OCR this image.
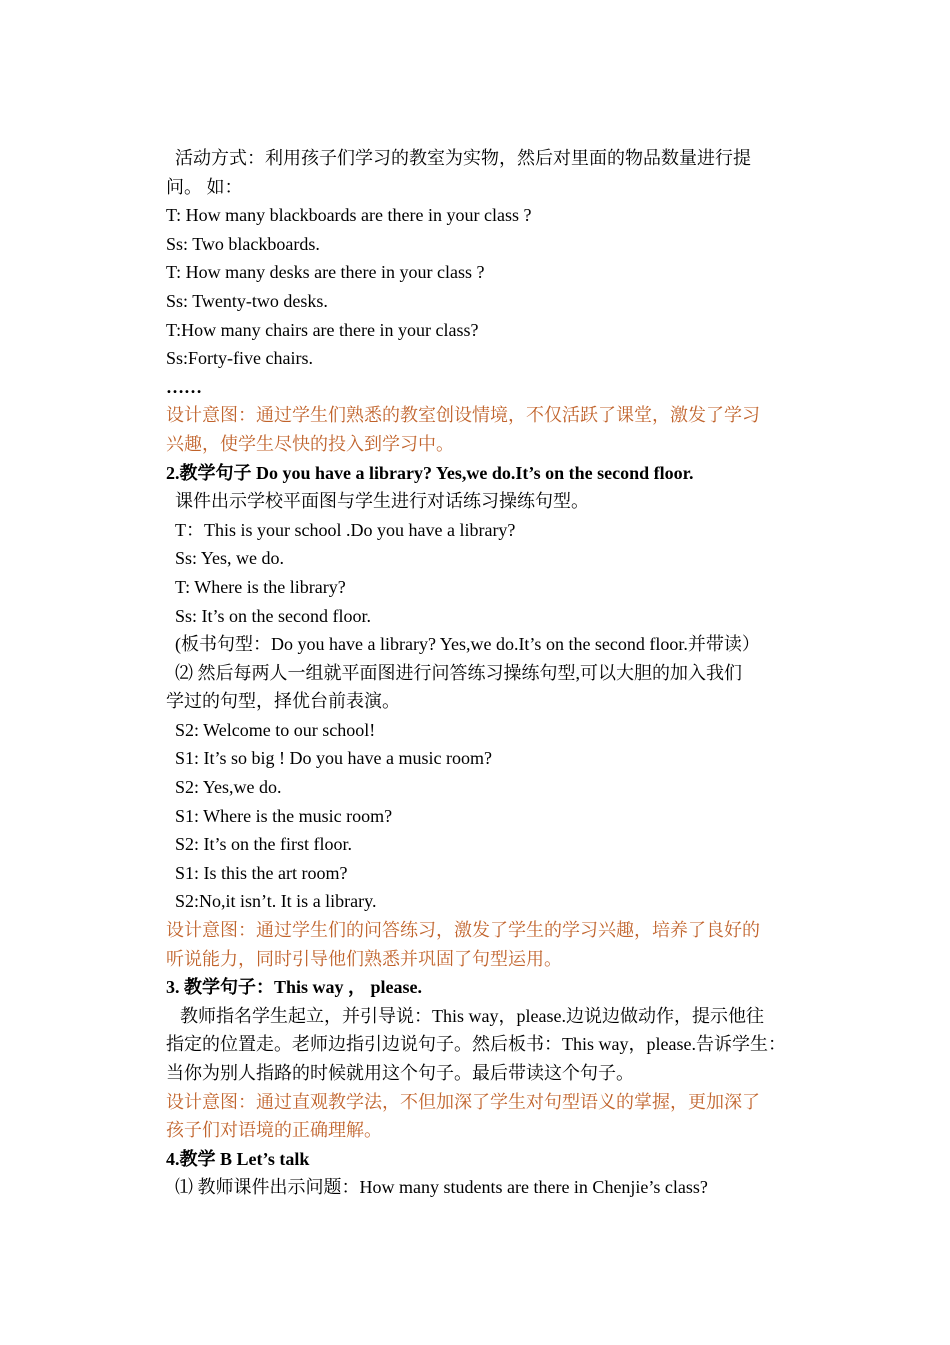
活动方式：利用孩子们学习的教室为实物，然后对里面的物品数量进行提
问。 如：
T: How many blackboards are there in your class ?
Ss: Two blackboards.
T: How many desks are there in your class ?
Ss: Twenty-two desks.
T:How many chairs are there in your class?
Ss:Forty-five chairs.
……
设计意图：通过学生们熟悉的教室创设情境，不仅活跃了课堂，激发了学习
兴趣，使学生尽快的投入到学习中。
2.教学句子 Do you have a library? Yes,we do.It’s on the second floor.
课件出示学校平面图与学生进行对话练习操练句型。
T：This is your school .Do you have a library?
Ss: Yes, we do.
T: Where is the library?
Ss: It’s on the second floor.
(板书句型：Do you have a library? Yes,we do.It’s on the second floor.并带读）
⑵ 然后每两人一组就平面图进行问答练习操练句型,可以大胆的加入我们
学过的句型，择优台前表演。
S2: Welcome to our school!
S1: It’s so big ! Do you have a music room?
S2: Yes,we do.
S1: Where is the music room?
S2: It’s on the first floor.
S1: Is this the art room?
S2:No,it isn’t. It is a library.
设计意图：通过学生们的问答练习，激发了学生的学习兴趣，培养了良好的
听说能力，同时引导他们熟悉并巩固了句型运用。
3. 教学句子：This way ， please.
教师指名学生起立，并引导说：This way，please.边说边做动作，提示他往
指定的位置走。老师边指引边说句子。然后板书：This way，please.告诉学生：
当你为别人指路的时候就用这个句子。最后带读这个句子。
设计意图：通过直观教学法，不但加深了学生对句型语义的掌握，更加深了
孩子们对语境的正确理解。
4.教学 B Let’s talk
⑴ 教师课件出示问题：How many students are there in Chenjie’s class?
